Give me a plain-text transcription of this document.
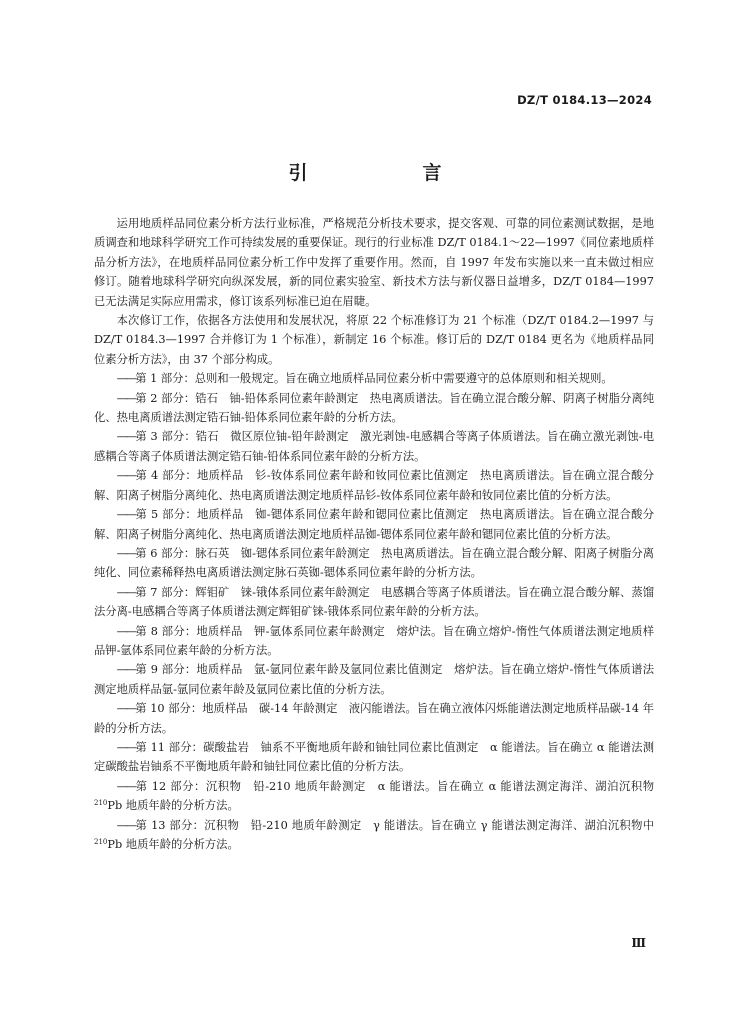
DZ/T 0184.13—2024
引　言

运用地质样品同位素分析方法行业标准，严格规范分析技术要求，提交客观、可靠的同位素测试数据，是地质调查和地球科学研究工作可持续发展的重要保证。现行的行业标准 DZ/T 0184.1～22—1997《同位素地质样品分析方法》，在地质样品同位素分析工作中发挥了重要作用。然而，自 1997 年发布实施以来一直未做过相应修订。随着地球科学研究向纵深发展，新的同位素实验室、新技术方法与新仪器日益增多，DZ/T 0184—1997 已无法满足实际应用需求，修订该系列标准已迫在眉睫。

本次修订工作，依据各方法使用和发展状况，将原 22 个标准修订为 21 个标准（DZ/T 0184.2—1997 与 DZ/T 0184.3—1997 合并修订为 1 个标准），新制定 16 个标准。修订后的 DZ/T 0184 更名为《地质样品同位素分析方法》，由 37 个部分构成。

——第 1 部分：总则和一般规定。旨在确立地质样品同位素分析中需要遵守的总体原则和相关规则。

——第 2 部分：锆石　铀-铅体系同位素年龄测定　热电离质谱法。旨在确立混合酸分解、阴离子树脂分离纯化、热电离质谱法测定锆石铀-铅体系同位素年龄的分析方法。

——第 3 部分：锆石　微区原位铀-铅年龄测定　激光剥蚀-电感耦合等离子体质谱法。旨在确立激光剥蚀-电感耦合等离子体质谱法测定锆石铀-铅体系同位素年龄的分析方法。

——第 4 部分：地质样品　钐-钕体系同位素年龄和钕同位素比值测定　热电离质谱法。旨在确立混合酸分解、阳离子树脂分离纯化、热电离质谱法测定地质样品钐-钕体系同位素年龄和钕同位素比值的分析方法。

——第 5 部分：地质样品　铷-锶体系同位素年龄和锶同位素比值测定　热电离质谱法。旨在确立混合酸分解、阳离子树脂分离纯化、热电离质谱法测定地质样品铷-锶体系同位素年龄和锶同位素比值的分析方法。

——第 6 部分：脉石英　铷-锶体系同位素年龄测定　热电离质谱法。旨在确立混合酸分解、阳离子树脂分离纯化、同位素稀释热电离质谱法测定脉石英铷-锶体系同位素年龄的分析方法。

——第 7 部分：辉钼矿　铼-锇体系同位素年龄测定　电感耦合等离子体质谱法。旨在确立混合酸分解、蒸馏法分离-电感耦合等离子体质谱法测定辉钼矿铼-锇体系同位素年龄的分析方法。

——第 8 部分：地质样品　钾-氩体系同位素年龄测定　熔炉法。旨在确立熔炉-惰性气体质谱法测定地质样品钾-氩体系同位素年龄的分析方法。

——第 9 部分：地质样品　氩-氩同位素年龄及氩同位素比值测定　熔炉法。旨在确立熔炉-惰性气体质谱法测定地质样品氩-氩同位素年龄及氩同位素比值的分析方法。

——第 10 部分：地质样品　碳-14 年龄测定　液闪能谱法。旨在确立液体闪烁能谱法测定地质样品碳-14 年龄的分析方法。

——第 11 部分：碳酸盐岩　铀系不平衡地质年龄和铀钍同位素比值测定　α 能谱法。旨在确立 α 能谱法测定碳酸盐岩铀系不平衡地质年龄和铀钍同位素比值的分析方法。

——第 12 部分：沉积物　铅-210 地质年龄测定　α 能谱法。旨在确立 α 能谱法测定海洋、湖泊沉积物$^{210}$Pb 地质年龄的分析方法。

——第 13 部分：沉积物　铅-210 地质年龄测定　γ 能谱法。旨在确立 γ 能谱法测定海洋、湖泊沉积物中$^{210}$Pb 地质年龄的分析方法。

Ⅲ
